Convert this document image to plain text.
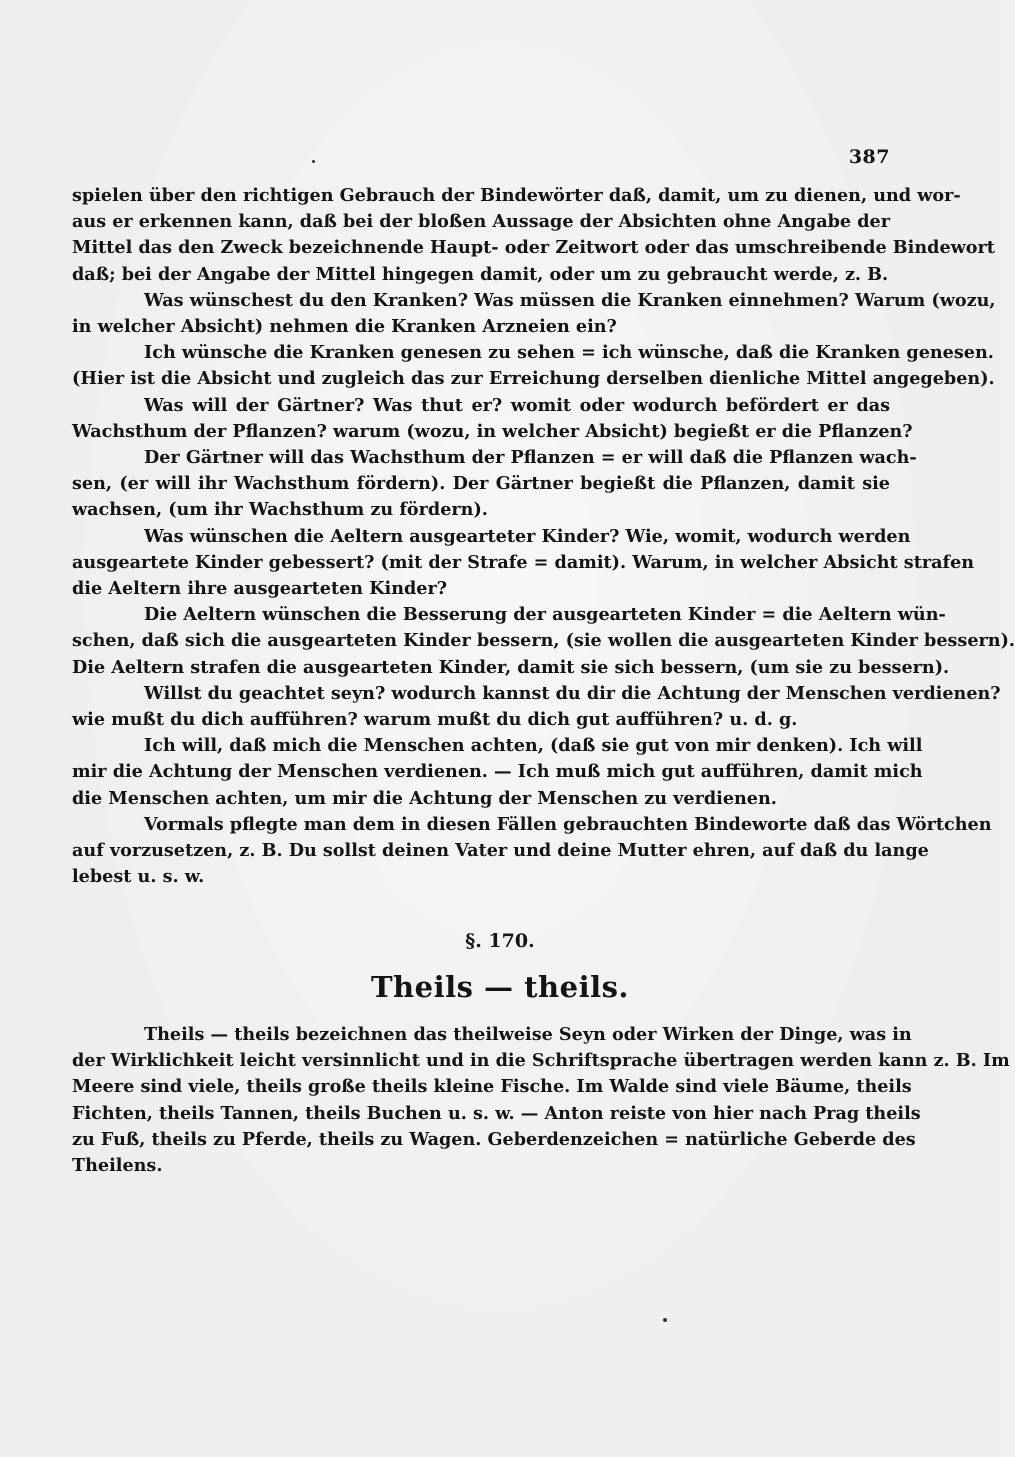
387
spielen über den richtigen Gebrauch der Bindewörter daß, damit, um zu dienen, und wor-
aus er erkennen kann, daß bei der bloßen Aussage der Absichten ohne Angabe der
Mittel das den Zweck bezeichnende Haupt- oder Zeitwort oder das umschreibende Bindewort
daß; bei der Angabe der Mittel hingegen damit, oder um zu gebraucht werde, z. B.
Was wünschest du den Kranken? Was müssen die Kranken einnehmen? Warum (wozu,
in welcher Absicht) nehmen die Kranken Arzneien ein?
Ich wünsche die Kranken genesen zu sehen = ich wünsche, daß die Kranken genesen.
(Hier ist die Absicht und zugleich das zur Erreichung derselben dienliche Mittel angegeben).
Was will der Gärtner? Was thut er? womit oder wodurch befördert er das
Wachsthum der Pflanzen? warum (wozu, in welcher Absicht) begießt er die Pflanzen?
Der Gärtner will das Wachsthum der Pflanzen = er will daß die Pflanzen wach-
sen, (er will ihr Wachsthum fördern). Der Gärtner begießt die Pflanzen, damit sie
wachsen, (um ihr Wachsthum zu fördern).
Was wünschen die Aeltern ausgearteter Kinder? Wie, womit, wodurch werden
ausgeartete Kinder gebessert? (mit der Strafe = damit). Warum, in welcher Absicht strafen
die Aeltern ihre ausgearteten Kinder?
Die Aeltern wünschen die Besserung der ausgearteten Kinder = die Aeltern wün-
schen, daß sich die ausgearteten Kinder bessern, (sie wollen die ausgearteten Kinder bessern).
Die Aeltern strafen die ausgearteten Kinder, damit sie sich bessern, (um sie zu bessern).
Willst du geachtet seyn? wodurch kannst du dir die Achtung der Menschen verdienen?
wie mußt du dich aufführen? warum mußt du dich gut aufführen? u. d. g.
Ich will, daß mich die Menschen achten, (daß sie gut von mir denken). Ich will
mir die Achtung der Menschen verdienen. — Ich muß mich gut aufführen, damit mich
die Menschen achten, um mir die Achtung der Menschen zu verdienen.
Vormals pflegte man dem in diesen Fällen gebrauchten Bindeworte daß das Wörtchen
auf vorzusetzen, z. B. Du sollst deinen Vater und deine Mutter ehren, auf daß du lange
lebest u. s. w.
§. 170.
Theils — theils.
Theils — theils bezeichnen das theilweise Seyn oder Wirken der Dinge, was in
der Wirklichkeit leicht versinnlicht und in die Schriftsprache übertragen werden kann z. B. Im
Meere sind viele, theils große theils kleine Fische. Im Walde sind viele Bäume, theils
Fichten, theils Tannen, theils Buchen u. s. w. — Anton reiste von hier nach Prag theils
zu Fuß, theils zu Pferde, theils zu Wagen. Geberdenzeichen = natürliche Geberde des
Theilens.
